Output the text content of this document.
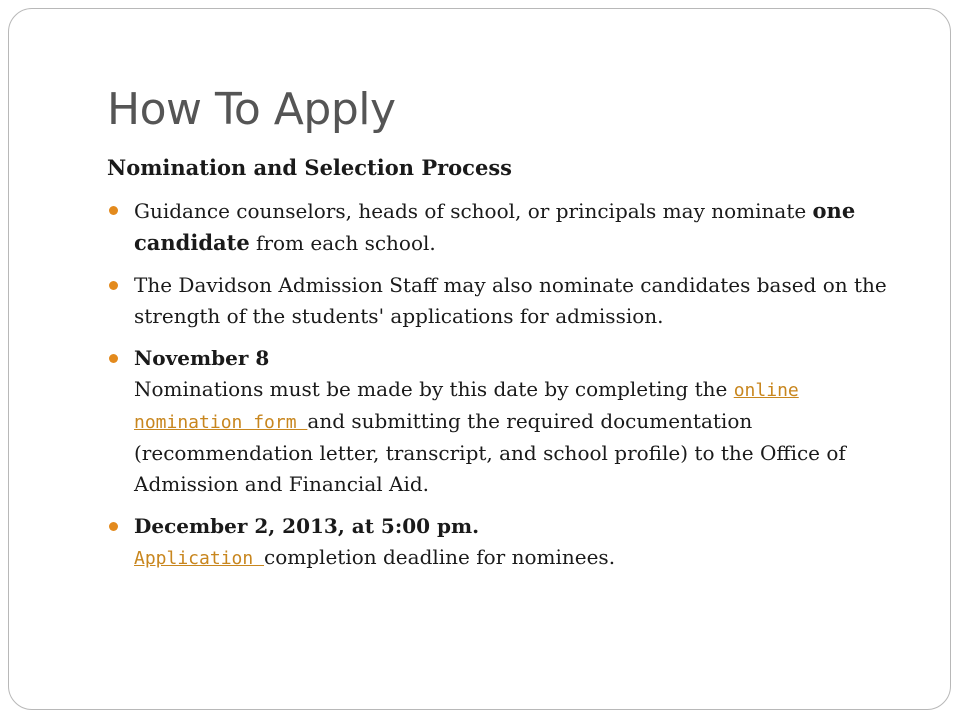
How To Apply

Nomination and Selection Process

Guidance counselors, heads of school, or principals may nominate one candidate from each school.
The Davidson Admission Staff may also nominate candidates based on the strength of the students' applications for admission.
November 8
Nominations must be made by this date by completing the online nomination form and submitting the required documentation (recommendation letter, transcript, and school profile) to the Office of Admission and Financial Aid.
December 2, 2013, at 5:00 pm.
Application completion deadline for nominees.
